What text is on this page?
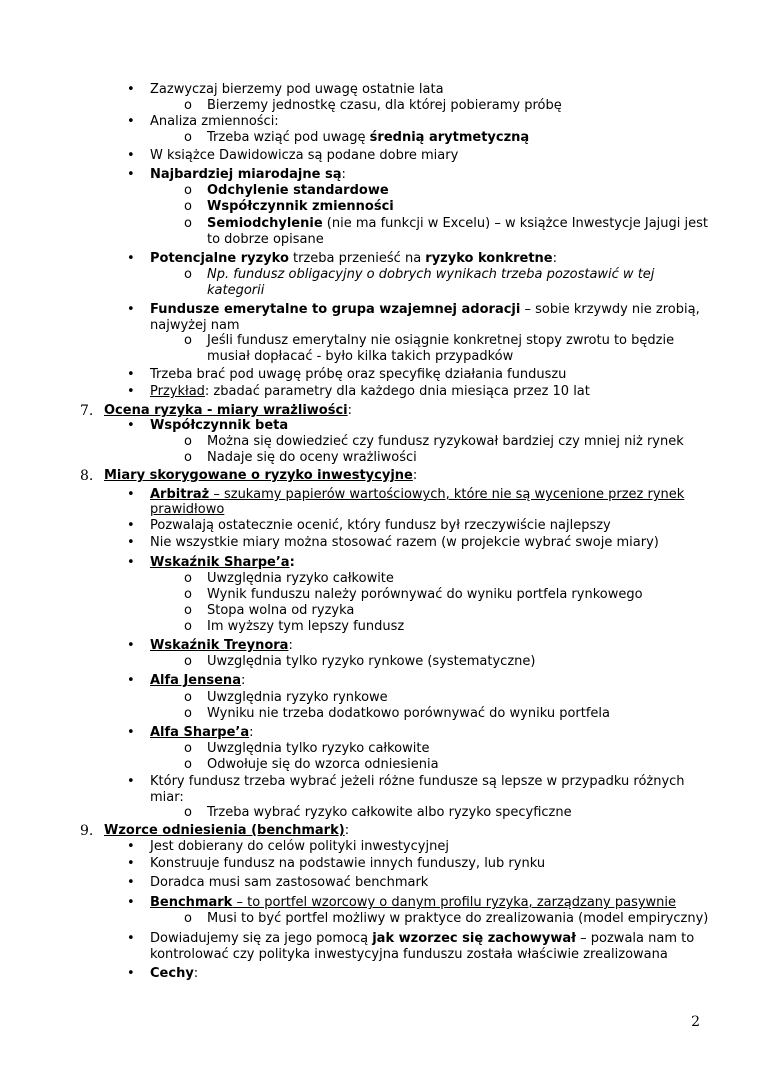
• Zazwyczaj bierzemy pod uwagę ostatnie lata
o Bierzemy jednostkę czasu, dla której pobieramy próbę
• Analiza zmienności:
o Trzeba wziąć pod uwagę średnią arytmetyczną
• W książce Dawidowicza są podane dobre miary
• Najbardziej miarodajne są:
o Odchylenie standardowe
o Współczynnik zmienności
o Semiodchylenie (nie ma funkcji w Excelu) – w książce Inwestycje Jajugi jest
to dobrze opisane
• Potencjalne ryzyko trzeba przenieść na ryzyko konkretne:
o Np. fundusz obligacyjny o dobrych wynikach trzeba pozostawić w tej
kategorii
• Fundusze emerytalne to grupa wzajemnej adoracji – sobie krzywdy nie zrobią,
najwyżej nam
o Jeśli fundusz emerytalny nie osiągnie konkretnej stopy zwrotu to będzie
musiał dopłacać - było kilka takich przypadków
• Trzeba brać pod uwagę próbę oraz specyfikę działania funduszu
• Przykład: zbadać parametry dla każdego dnia miesiąca przez 10 lat
7. Ocena ryzyka - miary wrażliwości:
• Współczynnik beta
o Można się dowiedzieć czy fundusz ryzykował bardziej czy mniej niż rynek
o Nadaje się do oceny wrażliwości
8. Miary skorygowane o ryzyko inwestycyjne:
• Arbitraż – szukamy papierów wartościowych, które nie są wycenione przez rynek
prawidłowo
• Pozwalają ostatecznie ocenić, który fundusz był rzeczywiście najlepszy
• Nie wszystkie miary można stosować razem (w projekcie wybrać swoje miary)
• Wskaźnik Sharpe’a:
o Uwzględnia ryzyko całkowite
o Wynik funduszu należy porównywać do wyniku portfela rynkowego
o Stopa wolna od ryzyka
o Im wyższy tym lepszy fundusz
• Wskaźnik Treynora:
o Uwzględnia tylko ryzyko rynkowe (systematyczne)
• Alfa Jensena:
o Uwzględnia ryzyko rynkowe
o Wyniku nie trzeba dodatkowo porównywać do wyniku portfela
• Alfa Sharpe’a:
o Uwzględnia tylko ryzyko całkowite
o Odwołuje się do wzorca odniesienia
• Który fundusz trzeba wybrać jeżeli różne fundusze są lepsze w przypadku różnych
miar:
o Trzeba wybrać ryzyko całkowite albo ryzyko specyficzne
9. Wzorce odniesienia (benchmark):
• Jest dobierany do celów polityki inwestycyjnej
• Konstruuje fundusz na podstawie innych funduszy, lub rynku
• Doradca musi sam zastosować benchmark
• Benchmark – to portfel wzorcowy o danym profilu ryzyka, zarządzany pasywnie
o Musi to być portfel możliwy w praktyce do zrealizowania (model empiryczny)
• Dowiadujemy się za jego pomocą jak wzorzec się zachowywał – pozwala nam to
kontrolować czy polityka inwestycyjna funduszu została właściwie zrealizowana
• Cechy:
2
